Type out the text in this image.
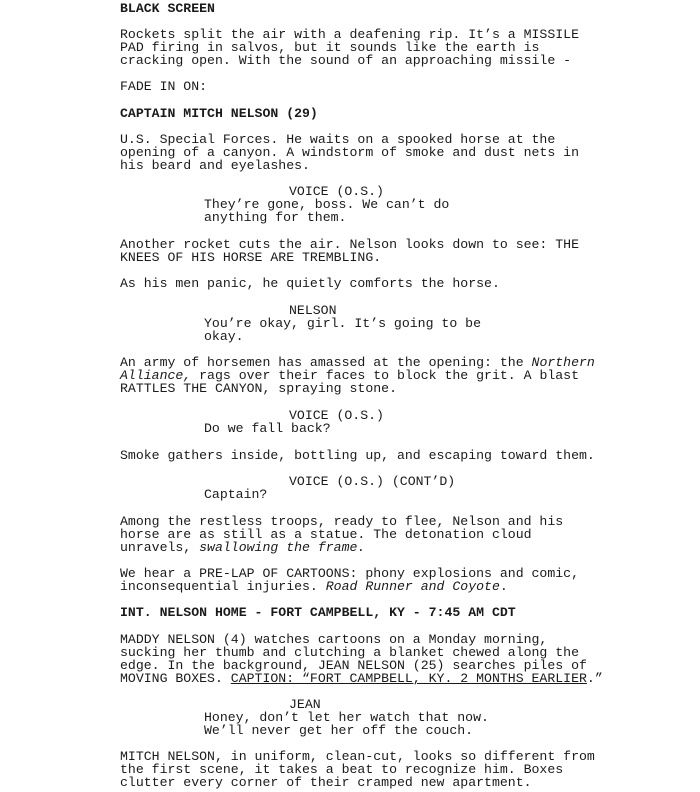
BLACK SCREEN
Rockets split the air with a deafening rip. It’s a MISSILE
PAD firing in salvos, but it sounds like the earth is
cracking open. With the sound of an approaching missile -
FADE IN ON:
CAPTAIN MITCH NELSON (29)
U.S. Special Forces. He waits on a spooked horse at the
opening of a canyon. A windstorm of smoke and dust nets in
his beard and eyelashes.
VOICE (O.S.)
They’re gone, boss. We can’t do
anything for them.
Another rocket cuts the air. Nelson looks down to see: THE
KNEES OF HIS HORSE ARE TREMBLING.
As his men panic, he quietly comforts the horse.
NELSON
You’re okay, girl. It’s going to be
okay.
An army of horsemen has amassed at the opening: the Northern
Alliance, rags over their faces to block the grit. A blast
RATTLES THE CANYON, spraying stone.
VOICE (O.S.)
Do we fall back?
Smoke gathers inside, bottling up, and escaping toward them.
VOICE (O.S.) (CONT’D)
Captain?
Among the restless troops, ready to flee, Nelson and his
horse are as still as a statue. The detonation cloud
unravels, swallowing the frame.
We hear a PRE-LAP OF CARTOONS: phony explosions and comic,
inconsequential injuries. Road Runner and Coyote.
INT. NELSON HOME - FORT CAMPBELL, KY - 7:45 AM CDT
MADDY NELSON (4) watches cartoons on a Monday morning,
sucking her thumb and clutching a blanket chewed along the
edge. In the background, JEAN NELSON (25) searches piles of
MOVING BOXES. CAPTION: “FORT CAMPBELL, KY. 2 MONTHS EARLIER.”
JEAN
Honey, don’t let her watch that now.
We’ll never get her off the couch.
MITCH NELSON, in uniform, clean-cut, looks so different from
the first scene, it takes a beat to recognize him. Boxes
clutter every corner of their cramped new apartment.
